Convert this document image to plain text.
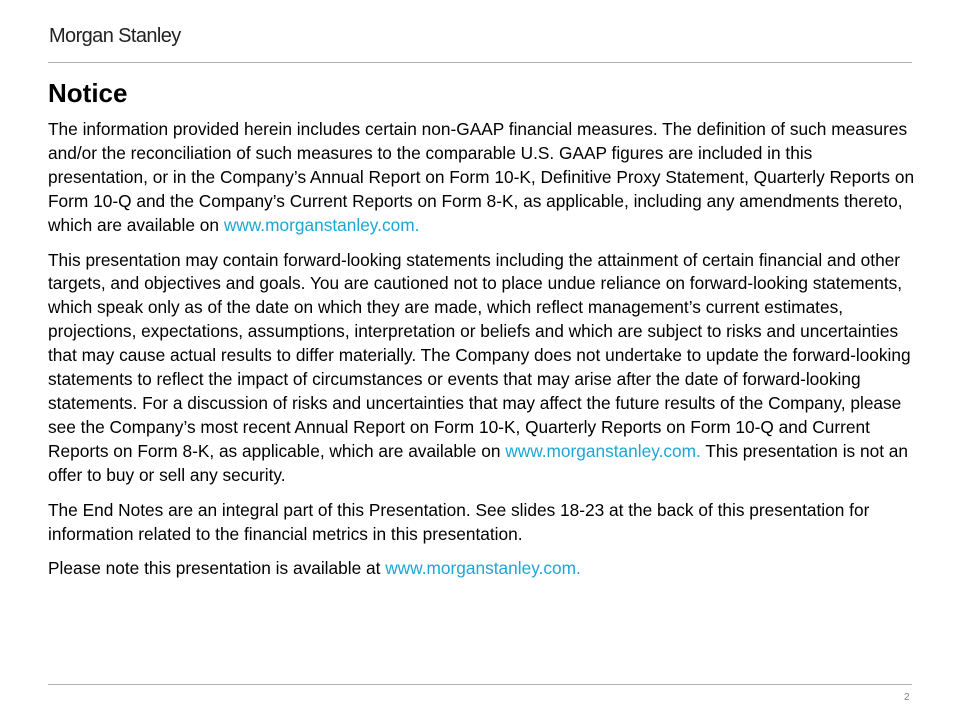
Morgan Stanley
Notice

The information provided herein includes certain non-GAAP financial measures. The definition of such measures and/or the reconciliation of such measures to the comparable U.S. GAAP figures are included in this presentation, or in the Company’s Annual Report on Form 10-K, Definitive Proxy Statement, Quarterly Reports on Form 10-Q and the Company’s Current Reports on Form 8-K, as applicable, including any amendments thereto, which are available on www.morganstanley.com.

This presentation may contain forward-looking statements including the attainment of certain financial and other targets, and objectives and goals. You are cautioned not to place undue reliance on forward-looking statements, which speak only as of the date on which they are made, which reflect management’s current estimates, projections, expectations, assumptions, interpretation or beliefs and which are subject to risks and uncertainties that may cause actual results to differ materially. The Company does not undertake to update the forward-looking statements to reflect the impact of circumstances or events that may arise after the date of forward-looking statements. For a discussion of risks and uncertainties that may affect the future results of the Company, please see the Company’s most recent Annual Report on Form 10-K, Quarterly Reports on Form 10-Q and Current Reports on Form 8-K, as applicable, which are available on www.morganstanley.com. This presentation is not an offer to buy or sell any security.

The End Notes are an integral part of this Presentation. See slides 18-23 at the back of this presentation for information related to the financial metrics in this presentation.

Please note this presentation is available at www.morganstanley.com.

2
